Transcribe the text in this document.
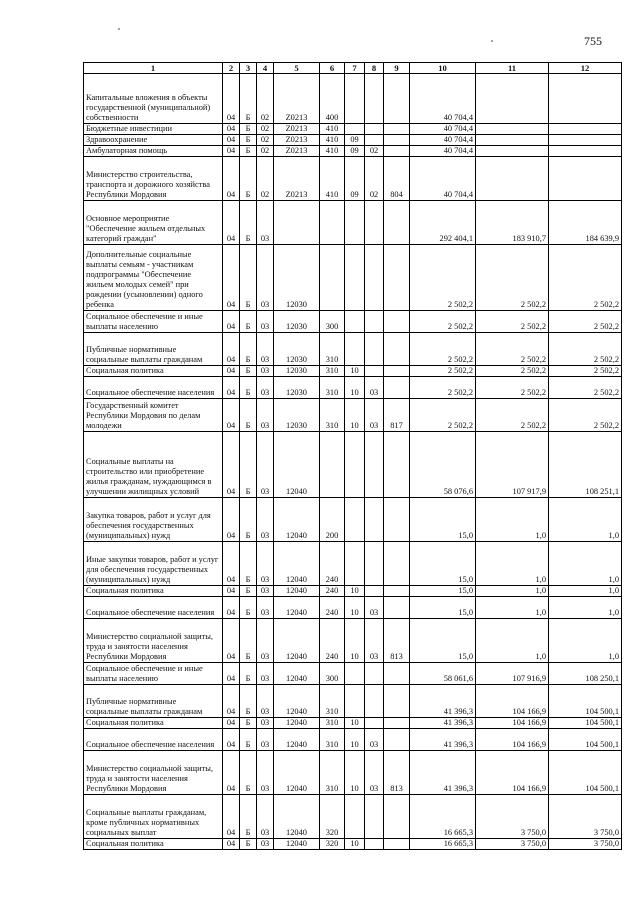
755
1	2	3	4	5	6	7	8	9	10	11	12
Капитальные вложения в объекты государственной (муниципальной) собственности	04	Б	02	Z0213	400				40 704,4		
Бюджетные инвестиции	04	Б	02	Z0213	410				40 704,4		
Здравоохранение	04	Б	02	Z0213	410	09			40 704,4		
Амбулаторная помощь	04	Б	02	Z0213	410	09	02		40 704,4		
Министерство строительства, транспорта и дорожного хозяйства Республики Мордовия	04	Б	02	Z0213	410	09	02	804	40 704,4		
Основное мероприятие "Обеспечение жильем отдельных категорий граждан"	04	Б	03						292 404,1	183 910,7	184 639,9
Дополнительные социальные выплаты семьям - участникам подпрограммы "Обеспечение жильем молодых семей" при рождении (усыновлении) одного ребенка	04	Б	03	12030					2 502,2	2 502,2	2 502,2
Социальное обеспечение и иные выплаты населению	04	Б	03	12030	300				2 502,2	2 502,2	2 502,2
Публичные нормативные социальные выплаты гражданам	04	Б	03	12030	310				2 502,2	2 502,2	2 502,2
Социальная политика	04	Б	03	12030	310	10			2 502,2	2 502,2	2 502,2
Социальное обеспечение населения	04	Б	03	12030	310	10	03		2 502,2	2 502,2	2 502,2
Государственный комитет Республики Мордовия по делам молодежи	04	Б	03	12030	310	10	03	817	2 502,2	2 502,2	2 502,2
Социальные выплаты на строительство или приобретение жилья гражданам, нуждающимся в улучшении жилищных условий	04	Б	03	12040					58 076,6	107 917,9	108 251,1
Закупка товаров, работ и услуг для обеспечения государственных (муниципальных) нужд	04	Б	03	12040	200				15,0	1,0	1,0
Иные закупки товаров, работ и услуг для обеспечения государственных (муниципальных) нужд	04	Б	03	12040	240				15,0	1,0	1,0
Социальная политика	04	Б	03	12040	240	10			15,0	1,0	1,0
Социальное обеспечение населения	04	Б	03	12040	240	10	03		15,0	1,0	1,0
Министерство социальной защиты, труда и занятости населения Республики Мордовия	04	Б	03	12040	240	10	03	813	15,0	1,0	1,0
Социальное обеспечение и иные выплаты населению	04	Б	03	12040	300				58 061,6	107 916,9	108 250,1
Публичные нормативные социальные выплаты гражданам	04	Б	03	12040	310				41 396,3	104 166,9	104 500,1
Социальная политика	04	Б	03	12040	310	10			41 396,3	104 166,9	104 500,1
Социальное обеспечение населения	04	Б	03	12040	310	10	03		41 396,3	104 166,9	104 500,1
Министерство социальной защиты, труда и занятости населения Республики Мордовия	04	Б	03	12040	310	10	03	813	41 396,3	104 166,9	104 500,1
Социальные выплаты гражданам, кроме публичных нормативных социальных выплат	04	Б	03	12040	320				16 665,3	3 750,0	3 750,0
Социальная политика	04	Б	03	12040	320	10			16 665,3	3 750,0	3 750,0
